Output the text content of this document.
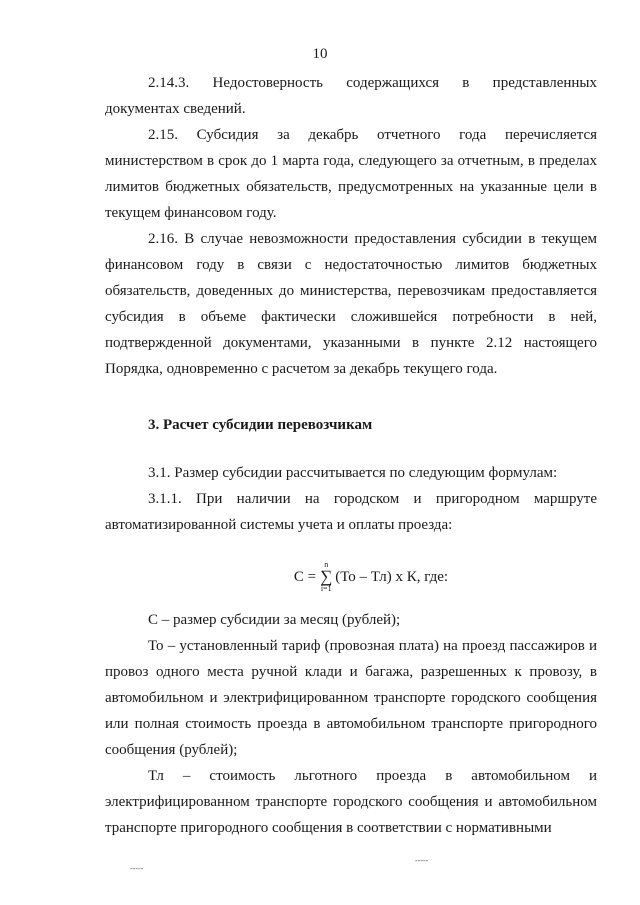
10

2.14.3. Недостоверность содержащихся в представленных документах сведений.

2.15. Субсидия за декабрь отчетного года перечисляется

министерством в срок до 1 марта года, следующего за отчетным, в пределах лимитов бюджетных обязательств, предусмотренных на указанные цели в текущем финансовом году.

2.16. В случае невозможности предоставления субсидии в текущем финансовом году в связи с недостаточностью лимитов бюджетных обязательств, доведенных до министерства, перевозчикам предоставляется субсидия в объеме фактически сложившейся потребности в ней, подтвержденной документами, указанными в пункте 2.12 настоящего Порядка, одновременно с расчетом за декабрь текущего года.

3. Расчет субсидии перевозчикам

3.1. Размер субсидии рассчитывается по следующим формулам:

3.1.1. При наличии на городском и пригородном маршруте автоматизированной системы учета и оплаты проезда:

С =
n
∑
i=1
(То – Тл) х К, где:

С – размер субсидии за месяц (рублей);

То – установленный тариф (провозная плата) на проезд пассажиров и провоз одного места ручной клади и багажа, разрешенных к провозу, в автомобильном и электрифицированном транспорте городского сообщения или полная стоимость проезда в автомобильном транспорте пригородного сообщения (рублей);

Тл – стоимость льготного проезда в автомобильном и электрифицированном транспорте городского сообщения и автомобильном транспорте пригородного сообщения в соответствии с нормативными

-----
-----
